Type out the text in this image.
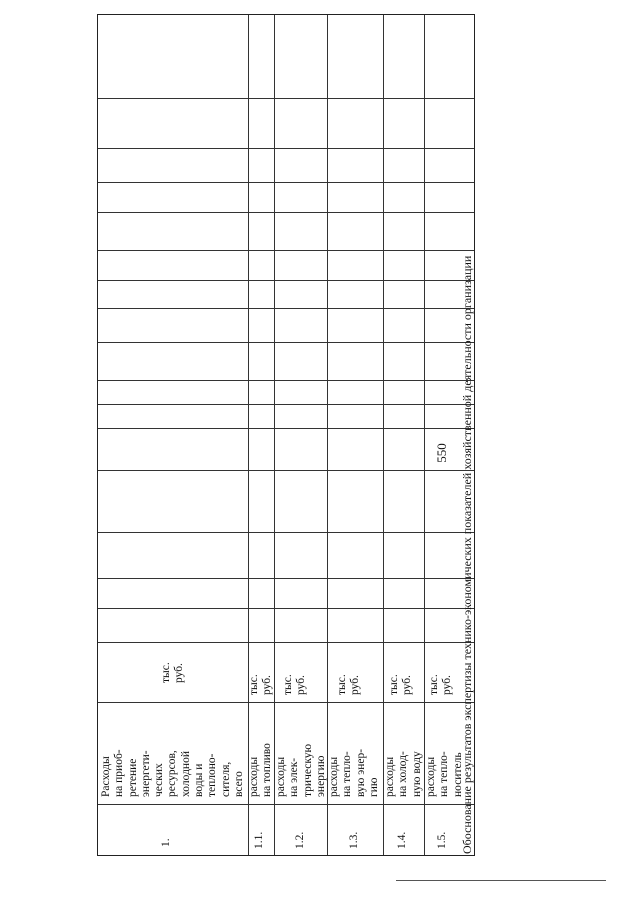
550
1.
Расходы
на приоб-
ретение
энергети-
ческих
ресурсов,
холодной
воды и
теплоно-
сителя,
всего
тыс.
руб.
1.1.
расходы
на топливо
тыс.
руб.
1.2.
расходы
на элек-
трическую
энергию
тыс.
руб.
1.3.
расходы
на тепло-
вую энер-
гию
тыс.
руб.
1.4.
расходы
на холод-
ную воду
тыс.
руб.
1.5.
расходы
на тепло-
носитель
тыс.
руб. Обоснование результатов экспертизы технико-экономических показателей хозяйственной деятельности организации
